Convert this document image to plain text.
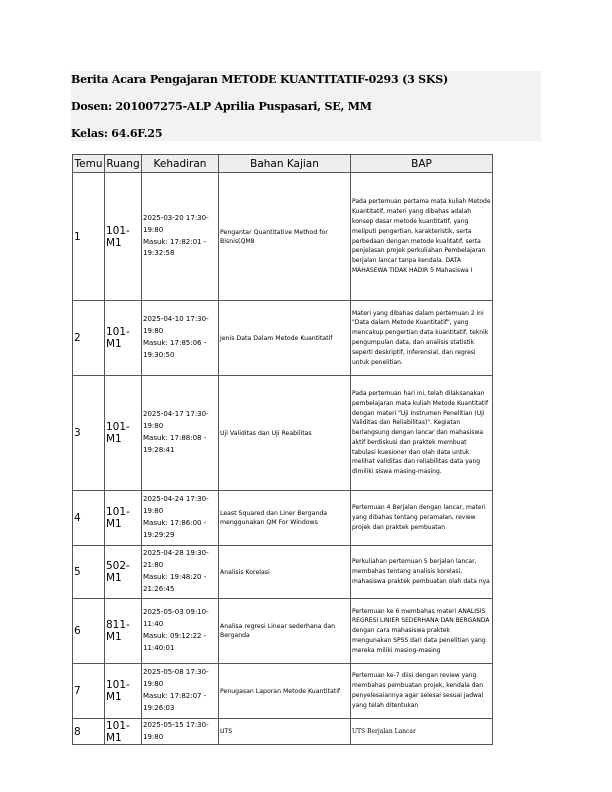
Berita Acara Pengajaran METODE KUANTITATIF-0293 (3 SKS)
Dosen: 201007275-ALP Aprilia Puspasari, SE, MM
Kelas: 64.6F.25
Temu	Ruang	Kehadiran	Bahan Kajian	BAP
1	101-M1	2025-03-20 17:30-19:80
Masuk: 17:82:01 - 19:32:58	Pengantar Quantitative Method for Bisnis(QM8	Pada pertemuan pertama mata kuliah Metode Kuantitatif, materi yang dibahas adalah konsep dasar metode kuantitatif, yang meliputi pengertian, karakteristik, serta perbedaan dengan metode kualitatif. serta penjelasan projek perkuliahan Pembelajaran berjalan lancar tanpa kendala. DATA MAHASEWA TIDAK HADIR 5 Mahasiswa I
2	101-M1	2025-04-10 17:30-19:80
Masuk: 17:85:06 - 19:30:50	Jenis Data Dalam Metode Kuantitatif	Materi yang dibahas dalam pertemuan 2 ini "Data dalam Metode Kuantitatif", yang mencakup pengertian data kuantitatif, teknik pengumpulan data, dan analisis statistik seperti deskriptif, inferensial, dan regresi untuk penelitian.
3	101-M1	2025-04-17 17:30-19:80
Masuk: 17:88:08 - 19:28:41	Uji Validitas dan Uji Reabilitas	Pada pertemuan hari ini, telah dilaksanakan pembelajaran mata kuliah Metode Kuantitatif dengan materi "Uji Instrumen Penelitian (Uji Validitas dan Reliabilitas)". Kegiatan berlangsung dengan lancar dan mahasiswa aktif berdiskusi dan praktek membuat tabulasi kuesioner dan olah data untuk melihat validitas dan reliabilitas data yang dimiliki siswa masing-masing.
4	101-M1	2025-04-24 17:30-19:80
Masuk: 17:86:00 - 19:29:29	Least Squared dan Liner Berganda menggunakan QM For Windows	Pertemuan 4 Berjalan dengan lancar, materi yang dibahas tentang peramalan, review projek dan praktek pembuatan
5	502-M1	2025-04-28 19:30-21:80
Masuk: 19:48:20 - 21:26:45	Analisis Korelasi	Perkuliahan pertemuan 5 berjalan lancar, membahas tentang analisis korelasi, mahasiswa praktek pembuatan olah data nya
6	811-M1	2025-05-03 09:10-11:40
Masuk: 09:12:22 - 11:40:01	Analisa regresi Linear sederhana dan Berganda	Pertemuan ke 6 membahas materi ANALISIS REGRESI LINIER SEDERHANA DAN BERGANDA dengan cara mahasiswa praktek mengunakan SPSS dari data penelitian yang mereka miliki masing-masing
7	101-M1	2025-05-08 17:30-19:80
Masuk: 17:82:07 - 19:26:03	Penugasan Laporan Metode Kuantitatif	Pertemuan ke-7 diisi dengan review yang membahas pembuatan projek, kendala dan penyelesaiannya agar selesai sesuai jadwal yang telah ditentukan
8	101-M1	2025-05-15 17:30-19:80	UTS	UTS Berjalan Lancar
